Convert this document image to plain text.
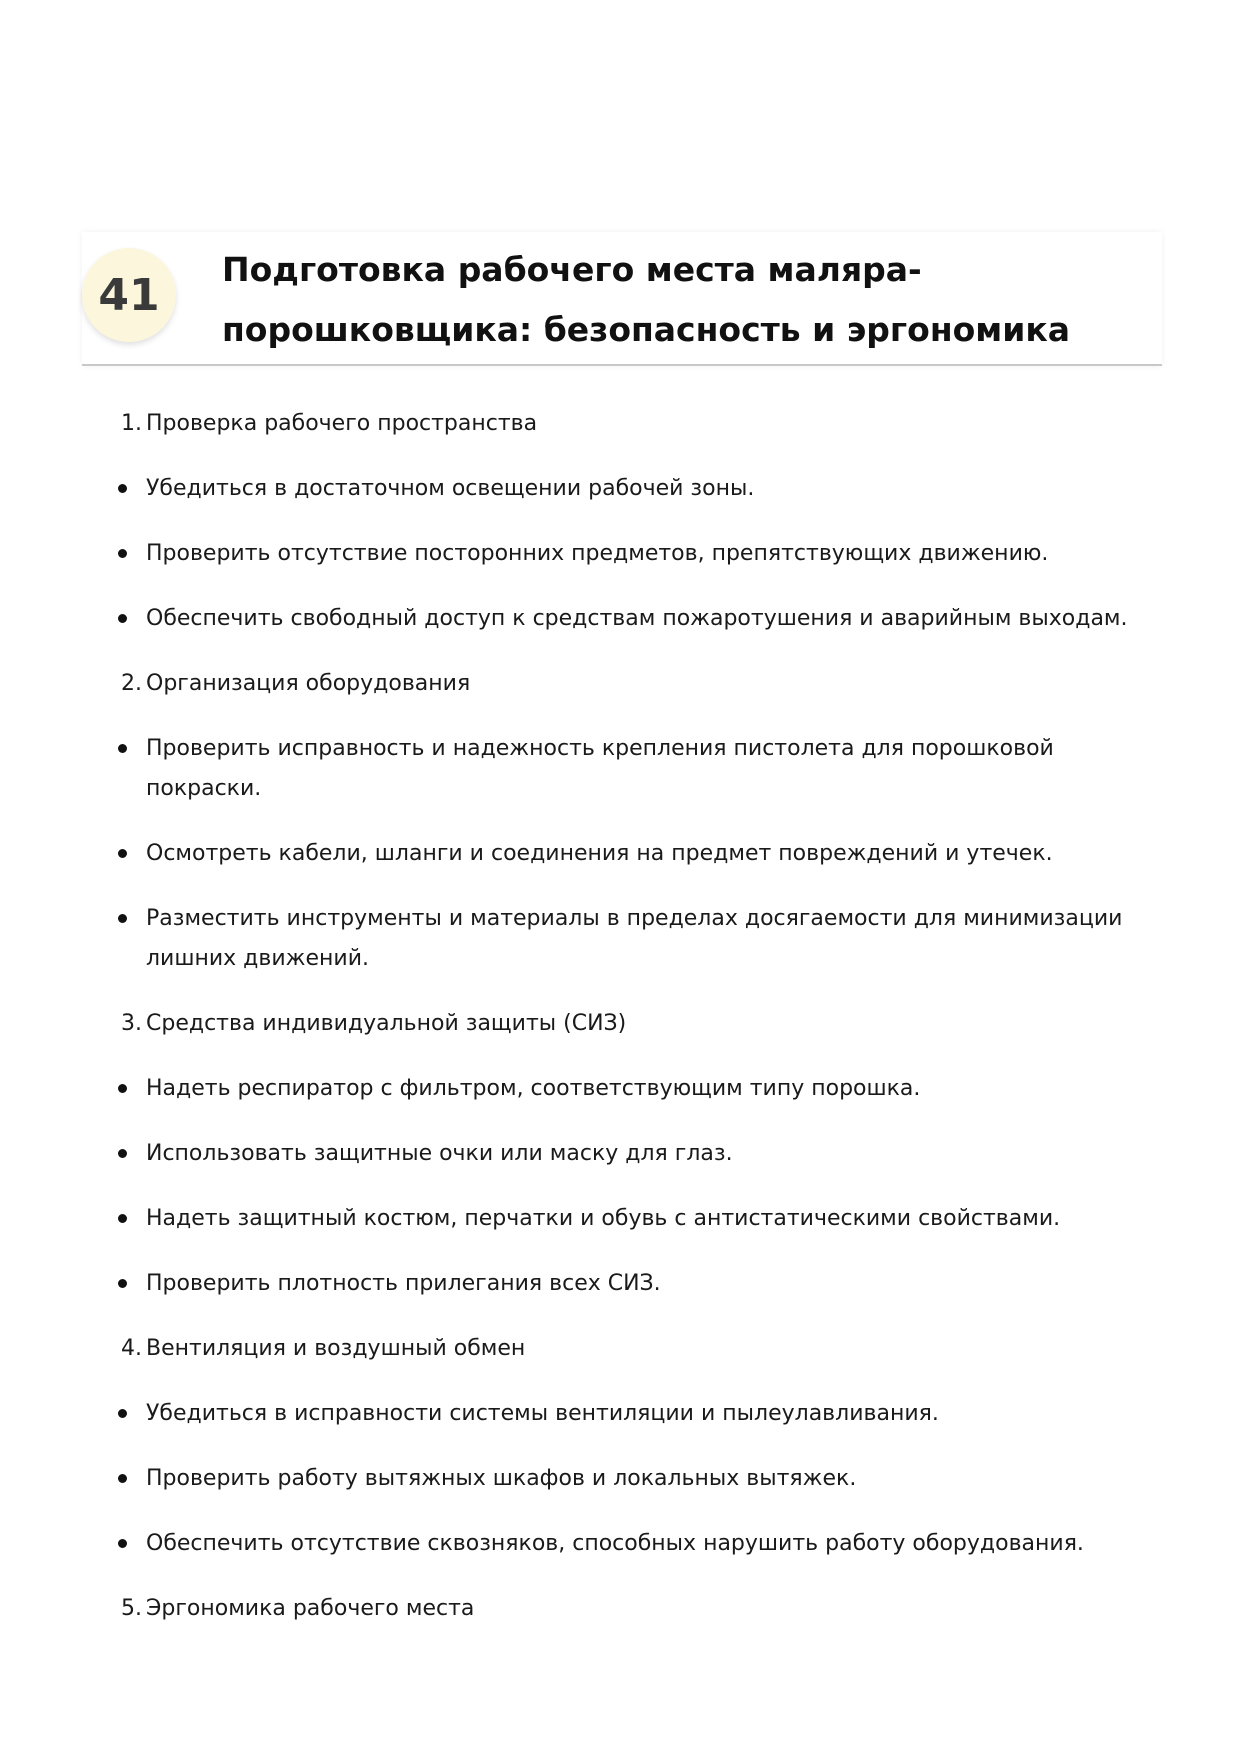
41	Подготовка рабочего места маляра-порошковщика: безопасность и эргономика
1. Проверка рабочего пространства
Убедиться в достаточном освещении рабочей зоны.
Проверить отсутствие посторонних предметов, препятствующих движению.
Обеспечить свободный доступ к средствам пожаротушения и аварийным выходам.
2. Организация оборудования
Проверить исправность и надежность крепления пистолета для порошковой покраски.
Осмотреть кабели, шланги и соединения на предмет повреждений и утечек.
Разместить инструменты и материалы в пределах досягаемости для минимизации лишних движений.
3. Средства индивидуальной защиты (СИЗ)
Надеть респиратор с фильтром, соответствующим типу порошка.
Использовать защитные очки или маску для глаз.
Надеть защитный костюм, перчатки и обувь с антистатическими свойствами.
Проверить плотность прилегания всех СИЗ.
4. Вентиляция и воздушный обмен
Убедиться в исправности системы вентиляции и пылеулавливания.
Проверить работу вытяжных шкафов и локальных вытяжек.
Обеспечить отсутствие сквозняков, способных нарушить работу оборудования.
5. Эргономика рабочего места
